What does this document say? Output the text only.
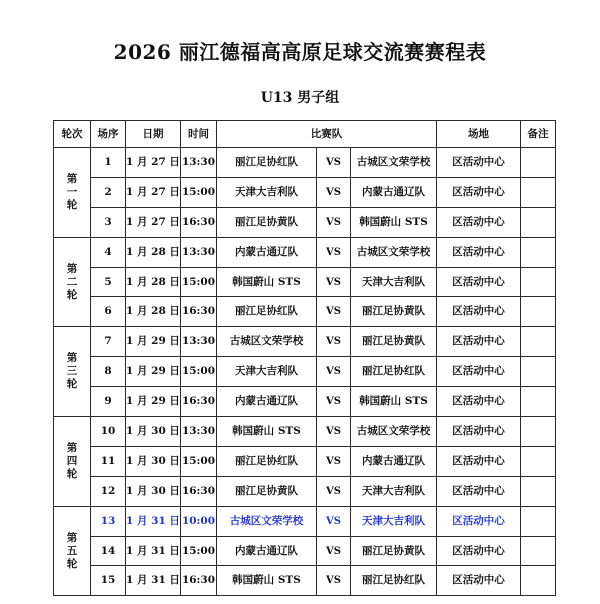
2026 丽江德福高高原足球交流赛赛程表
U13 男子组
轮次	场序	日期	时间	比赛队			场地	备注

第
一
轮	1	1 月 27 日	13:30	丽江足协红队	VS	古城区文荣学校	区活动中心	
	2	1 月 27 日	15:00	天津大吉利队	VS	内蒙古通辽队	区活动中心	
	3	1 月 27 日	16:30	丽江足协黄队	VS	韩国蔚山 STS	区活动中心	

第
二
轮	4	1 月 28 日	13:30	内蒙古通辽队	VS	古城区文荣学校	区活动中心	
	5	1 月 28 日	15:00	韩国蔚山 STS	VS	天津大吉利队	区活动中心	
	6	1 月 28 日	16:30	丽江足协红队	VS	丽江足协黄队	区活动中心	

第
三
轮	7	1 月 29 日	13:30	古城区文荣学校	VS	丽江足协黄队	区活动中心	
	8	1 月 29 日	15:00	天津大吉利队	VS	丽江足协红队	区活动中心	
	9	1 月 29 日	16:30	内蒙古通辽队	VS	韩国蔚山 STS	区活动中心	

第
四
轮	10	1 月 30 日	13:30	韩国蔚山 STS	VS	古城区文荣学校	区活动中心	
	11	1 月 30 日	15:00	丽江足协红队	VS	内蒙古通辽队	区活动中心	
	12	1 月 30 日	16:30	丽江足协黄队	VS	天津大吉利队	区活动中心	

第
五
轮	13	1 月 31 日	10:00	古城区文荣学校	VS	天津大吉利队	区活动中心	
	14	1 月 31 日	15:00	内蒙古通辽队	VS	丽江足协黄队	区活动中心	
	15	1 月 31 日	16:30	韩国蔚山 STS	VS	丽江足协红队	区活动中心	
